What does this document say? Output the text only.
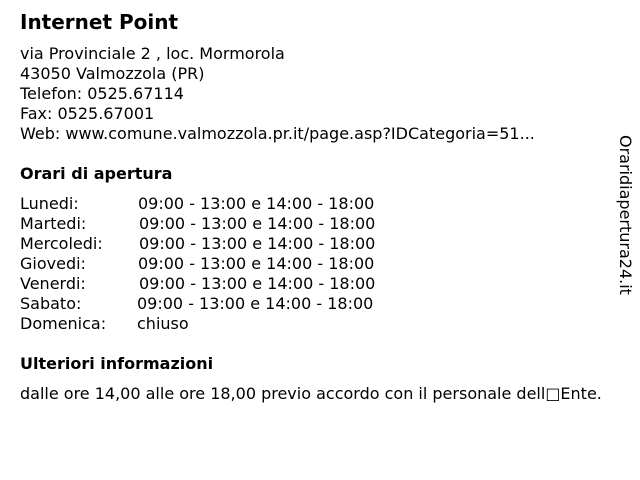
Internet Point
via Provinciale 2 , loc. Mormorola
43050 Valmozzola (PR)
Telefon: 0525.67114
Fax: 0525.67001
Web: www.comune.valmozzola.pr.it/page.asp?IDCategoria=51...
Orari di apertura
Lunedi:	09:00 - 13:00 e 14:00 - 18:00
Martedi:	09:00 - 13:00 e 14:00 - 18:00
Mercoledi: 09:00 - 13:00 e 14:00 - 18:00
Giovedi:	09:00 - 13:00 e 14:00 - 18:00
Venerdi:	09:00 - 13:00 e 14:00 - 18:00
Sabato:	09:00 - 13:00 e 14:00 - 18:00
Domenica: chiuso
Ulteriori informazioni
dalle ore 14,00 alle ore 18,00 previo accordo con il personale dell□Ente.
Oraridiapertura24.it
